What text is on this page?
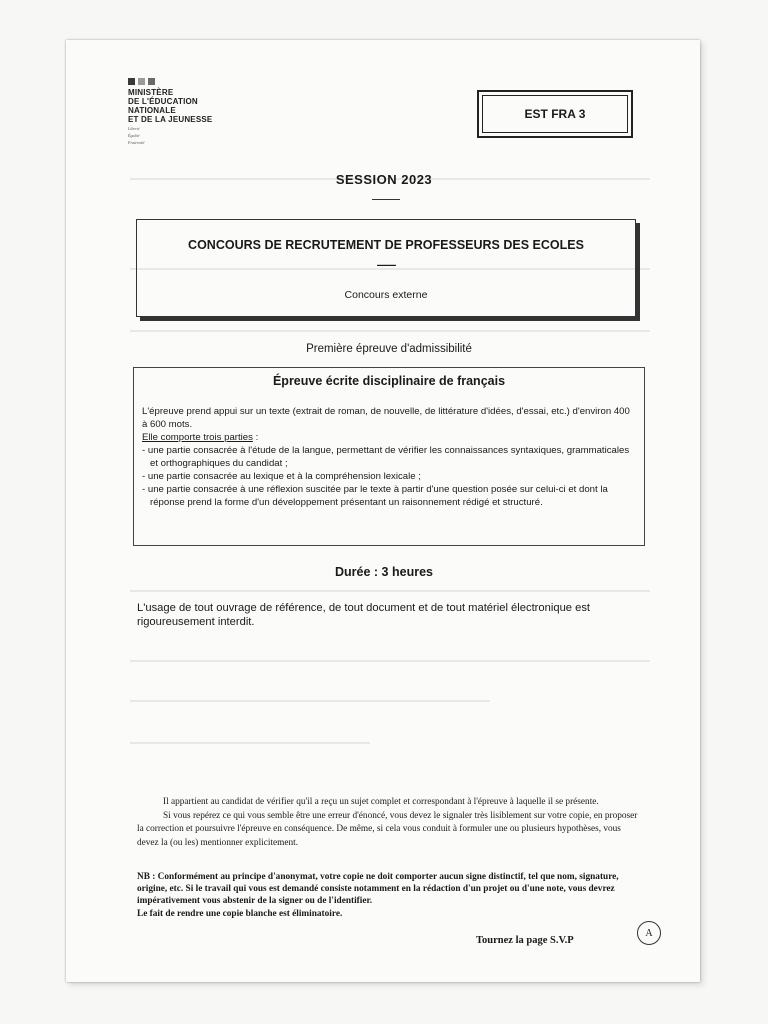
MINISTÈRE
DE L'ÉDUCATION
NATIONALE
ET DE LA JEUNESSE
Liberté
Égalité
Fraternité
EST FRA 3
SESSION 2023
CONCOURS DE RECRUTEMENT DE PROFESSEURS DES ECOLES
--------
Concours externe
Première épreuve d'admissibilité
Épreuve écrite disciplinaire de français

L'épreuve prend appui sur un texte (extrait de roman, de nouvelle, de littérature d'idées, d'essai, etc.) d'environ 400 à 600 mots.

Elle comporte trois parties :

- une partie consacrée à l'étude de la langue, permettant de vérifier les connaissances syntaxiques, grammaticales et orthographiques du candidat ;
- une partie consacrée au lexique et à la compréhension lexicale ;
- une partie consacrée à une réflexion suscitée par le texte à partir d'une question posée sur celui-ci et dont la réponse prend la forme d'un développement présentant un raisonnement rédigé et structuré.
Durée : 3 heures
L'usage de tout ouvrage de référence, de tout document et de tout matériel électronique est rigoureusement interdit.

Il appartient au candidat de vérifier qu'il a reçu un sujet complet et correspondant à l'épreuve à laquelle il se présente.

Si vous repérez ce qui vous semble être une erreur d'énoncé, vous devez le signaler très lisiblement sur votre copie, en proposer la correction et poursuivre l'épreuve en conséquence. De même, si cela vous conduit à formuler une ou plusieurs hypothèses, vous devez la (ou les) mentionner explicitement.

NB : Conformément au principe d'anonymat, votre copie ne doit comporter aucun signe distinctif, tel que nom, signature, origine, etc. Si le travail qui vous est demandé consiste notamment en la rédaction d'un projet ou d'une note, vous devrez impérativement vous abstenir de la signer ou de l'identifier.

Le fait de rendre une copie blanche est éliminatoire.

Tournez la page S.V.P
A
